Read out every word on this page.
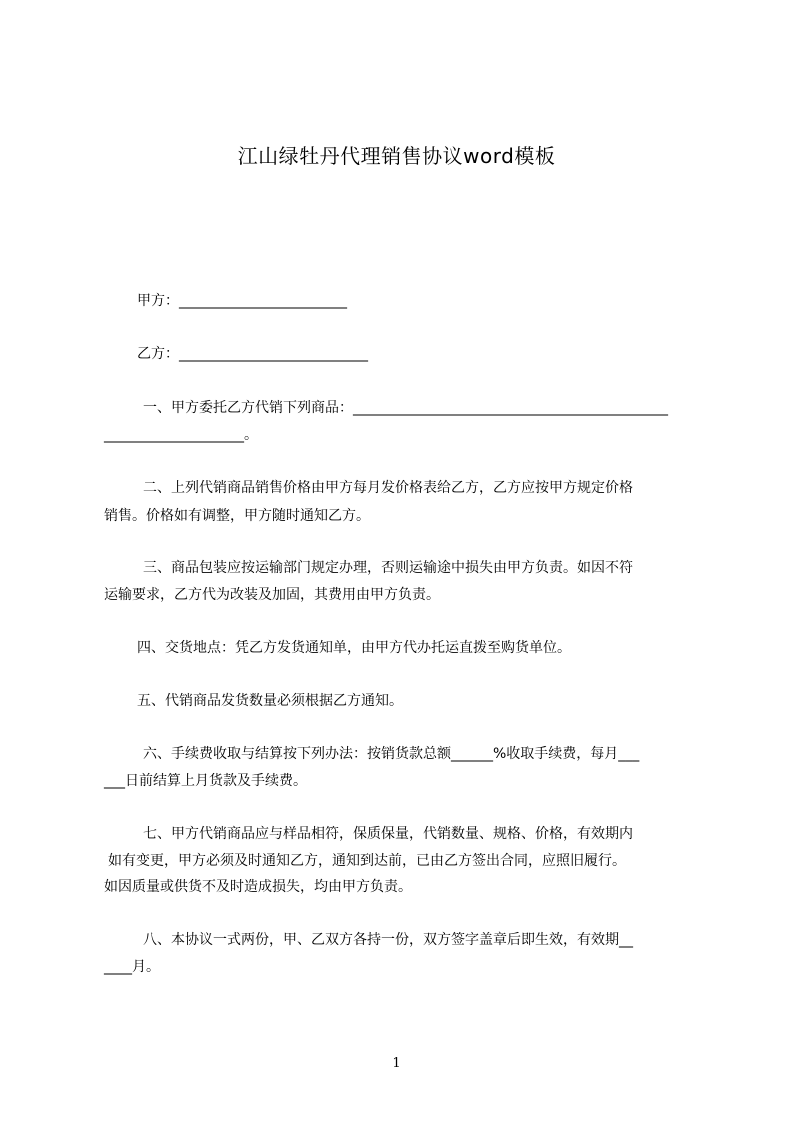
江山绿牡丹代理销售协议word模板
甲方：________________________
乙方：___________________________
一、甲方委托乙方代销下列商品：_____________________________________________
____________________。
二、上列代销商品销售价格由甲方每月发价格表给乙方，乙方应按甲方规定价格
销售。价格如有调整，甲方随时通知乙方。
三、商品包装应按运输部门规定办理，否则运输途中损失由甲方负责。如因不符
运输要求，乙方代为改装及加固，其费用由甲方负责。
四、交货地点：凭乙方发货通知单，由甲方代办托运直拨至购货单位。
五、代销商品发货数量必须根据乙方通知。
六、手续费收取与结算按下列办法：按销货款总额______%收取手续费，每月___
___日前结算上月货款及手续费。
七、甲方代销商品应与样品相符，保质保量，代销数量、规格、价格，有效期内
如有变更，甲方必须及时通知乙方，通知到达前，已由乙方签出合同，应照旧履行。
如因质量或供货不及时造成损失，均由甲方负责。
八、本协议一式两份，甲、乙双方各持一份，双方签字盖章后即生效，有效期__
____月。
1
